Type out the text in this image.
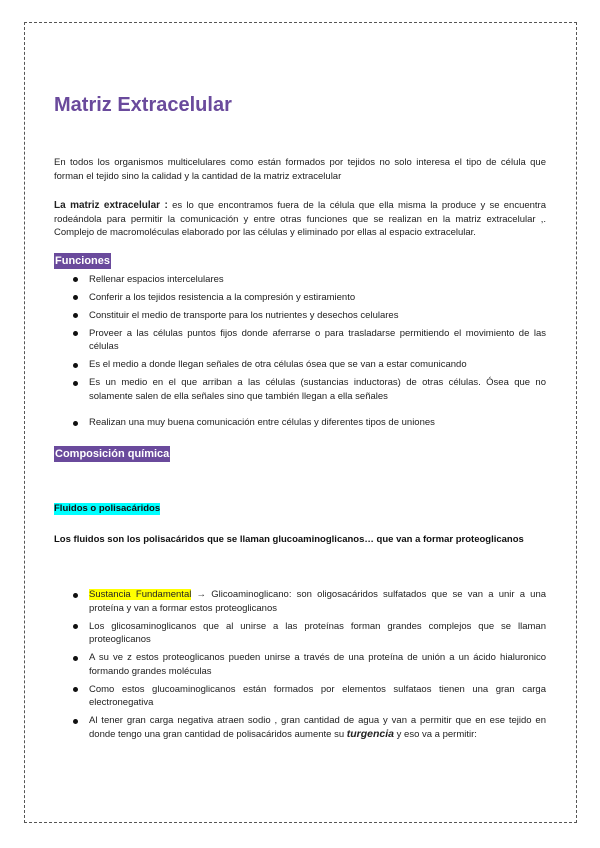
Matriz Extracelular

En todos los organismos multicelulares como están formados por tejidos no solo interesa el tipo de célula que forman el tejido sino la calidad y la cantidad de la matriz extracelular

La matriz extracelular : es lo que encontramos fuera de la célula que ella misma la produce y se encuentra rodeándola para permitir la comunicación y entre otras funciones que se realizan en la matriz extracelular ,. Complejo de macromoléculas elaborado por las células y eliminado por ellas al espacio extracelular.

Funciones
Rellenar espacios intercelulares
Conferir a los tejidos resistencia a la compresión y estiramiento
Constituir el medio de transporte para los nutrientes y desechos celulares
Proveer a las células puntos fijos donde aferrarse o para trasladarse permitiendo el movimiento de las células
Es el medio a donde llegan señales de otra células ósea que se van a estar comunicando
Es un medio en el que arriban a las células (sustancias inductoras) de otras células. Ósea que no solamente salen de ella señales sino que también llegan a ella señales
Realizan una muy buena comunicación entre células y diferentes tipos de uniones
Composición química
Fluidos o polisacáridos

Los fluidos son los polisacáridos que se llaman glucoaminoglicanos… que van a formar proteoglicanos

Sustancia Fundamental → Glicoaminoglicano: son oligosacáridos sulfatados que se van a unir a una proteína y van a formar estos proteoglicanos
Los glicosaminoglicanos que al unirse a las proteínas forman grandes complejos que se llaman proteoglicanos
A su ve z estos proteoglicanos pueden unirse a través de una proteína de unión a un ácido hialuronico formando grandes moléculas
Como estos glucoaminoglicanos están formados por elementos sulfataos tienen una gran carga electronegativa
Al tener gran carga negativa atraen sodio , gran cantidad de agua y van a permitir que en ese tejido en donde tengo una gran cantidad de polisacáridos aumente su turgencia y eso va a permitir:
